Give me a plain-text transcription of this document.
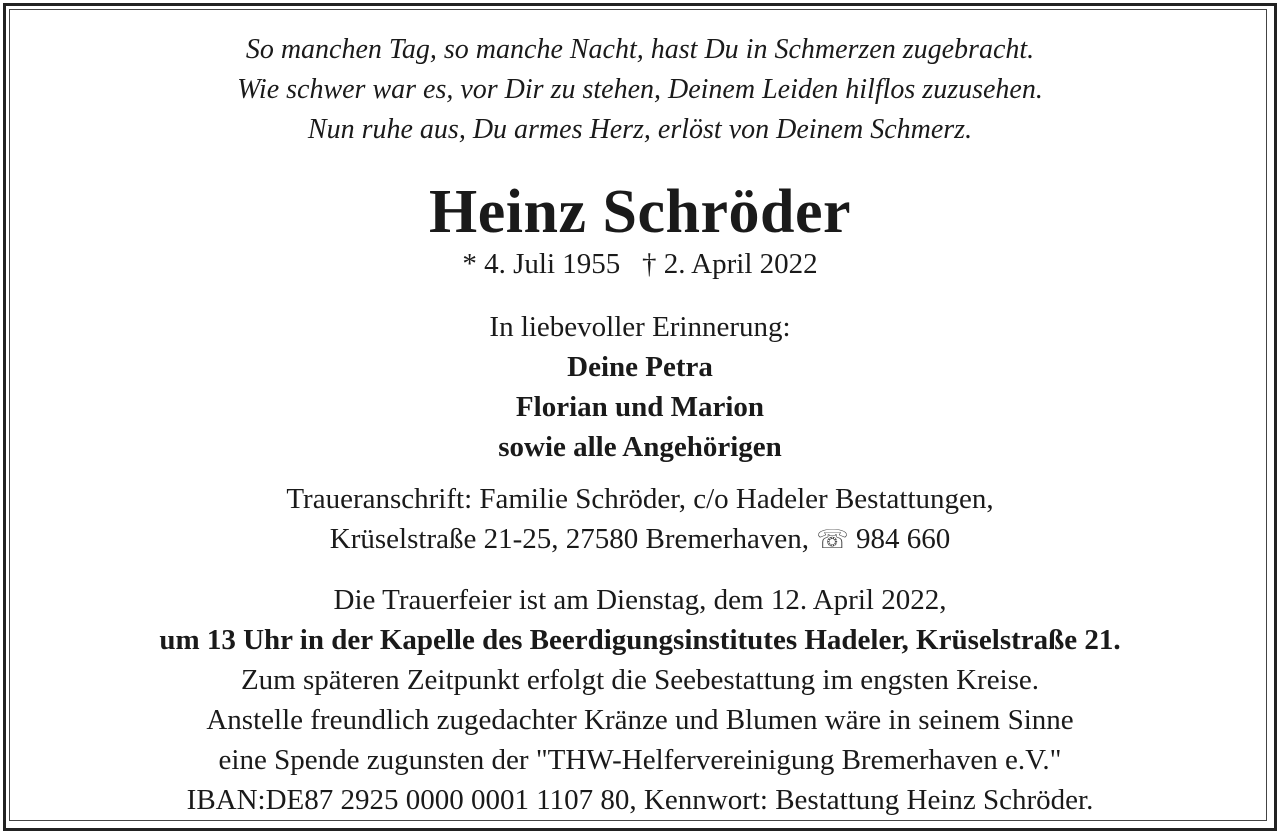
So manchen Tag, so manche Nacht, hast Du in Schmerzen zugebracht.
Wie schwer war es, vor Dir zu stehen, Deinem Leiden hilflos zuzusehen.
Nun ruhe aus, Du armes Herz, erlöst von Deinem Schmerz.
Heinz Schröder
* 4. Juli 1955 † 2. April 2022
In liebevoller Erinnerung:
Deine Petra
Florian und Marion
sowie alle Angehörigen
Traueranschrift: Familie Schröder, c/o Hadeler Bestattungen,
Krüselstraße 21-25, 27580 Bremerhaven, ☏ 984 660
Die Trauerfeier ist am Dienstag, dem 12. April 2022,
um 13 Uhr in der Kapelle des Beerdigungsinstitutes Hadeler, Krüselstraße 21.
Zum späteren Zeitpunkt erfolgt die Seebestattung im engsten Kreise.
Anstelle freundlich zugedachter Kränze und Blumen wäre in seinem Sinne
eine Spende zugunsten der "THW-Helfervereinigung Bremerhaven e.V."
IBAN:DE87 2925 0000 0001 1107 80, Kennwort: Bestattung Heinz Schröder.
